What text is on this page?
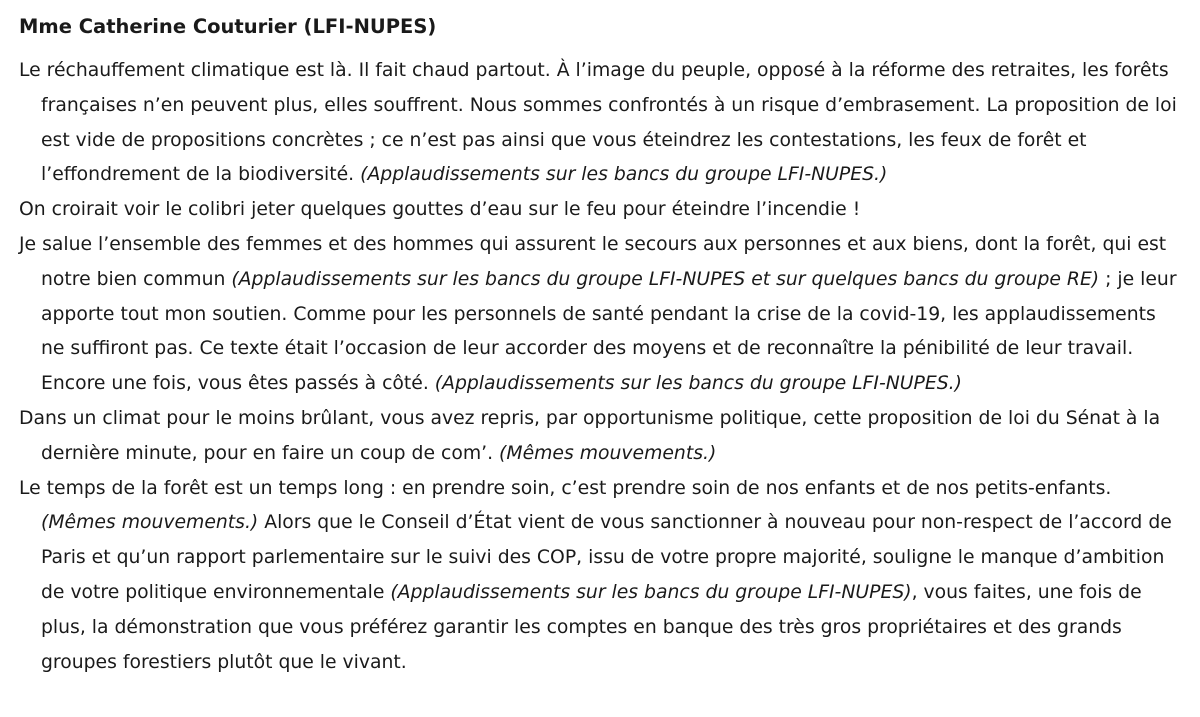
Mme Catherine Couturier (LFI-NUPES)

Le réchauffement climatique est là. Il fait chaud partout. À l’image du peuple, opposé à la réforme des retraites, les forêts françaises n’en peuvent plus, elles souffrent. Nous sommes confrontés à un risque d’embrasement. La proposition de loi est vide de propositions concrètes ; ce n’est pas ainsi que vous éteindrez les contestations, les feux de forêt et l’effondrement de la biodiversité. (Applaudissements sur les bancs du groupe LFI-NUPES.)

On croirait voir le colibri jeter quelques gouttes d’eau sur le feu pour éteindre l’incendie !

Je salue l’ensemble des femmes et des hommes qui assurent le secours aux personnes et aux biens, dont la forêt, qui est notre bien commun (Applaudissements sur les bancs du groupe LFI-NUPES et sur quelques bancs du groupe RE) ; je leur apporte tout mon soutien. Comme pour les personnels de santé pendant la crise de la covid-19, les applaudissements ne suffiront pas. Ce texte était l’occasion de leur accorder des moyens et de reconnaître la pénibilité de leur travail. Encore une fois, vous êtes passés à côté. (Applaudissements sur les bancs du groupe LFI-NUPES.)

Dans un climat pour le moins brûlant, vous avez repris, par opportunisme politique, cette proposition de loi du Sénat à la dernière minute, pour en faire un coup de com’. (Mêmes mouvements.)

Le temps de la forêt est un temps long : en prendre soin, c’est prendre soin de nos enfants et de nos petits-enfants. (Mêmes mouvements.) Alors que le Conseil d’État vient de vous sanctionner à nouveau pour non-respect de l’accord de Paris et qu’un rapport parlementaire sur le suivi des COP, issu de votre propre majorité, souligne le manque d’ambition de votre politique environnementale (Applaudissements sur les bancs du groupe LFI-NUPES), vous faites, une fois de plus, la démonstration que vous préférez garantir les comptes en banque des très gros propriétaires et des grands groupes forestiers plutôt que le vivant.
